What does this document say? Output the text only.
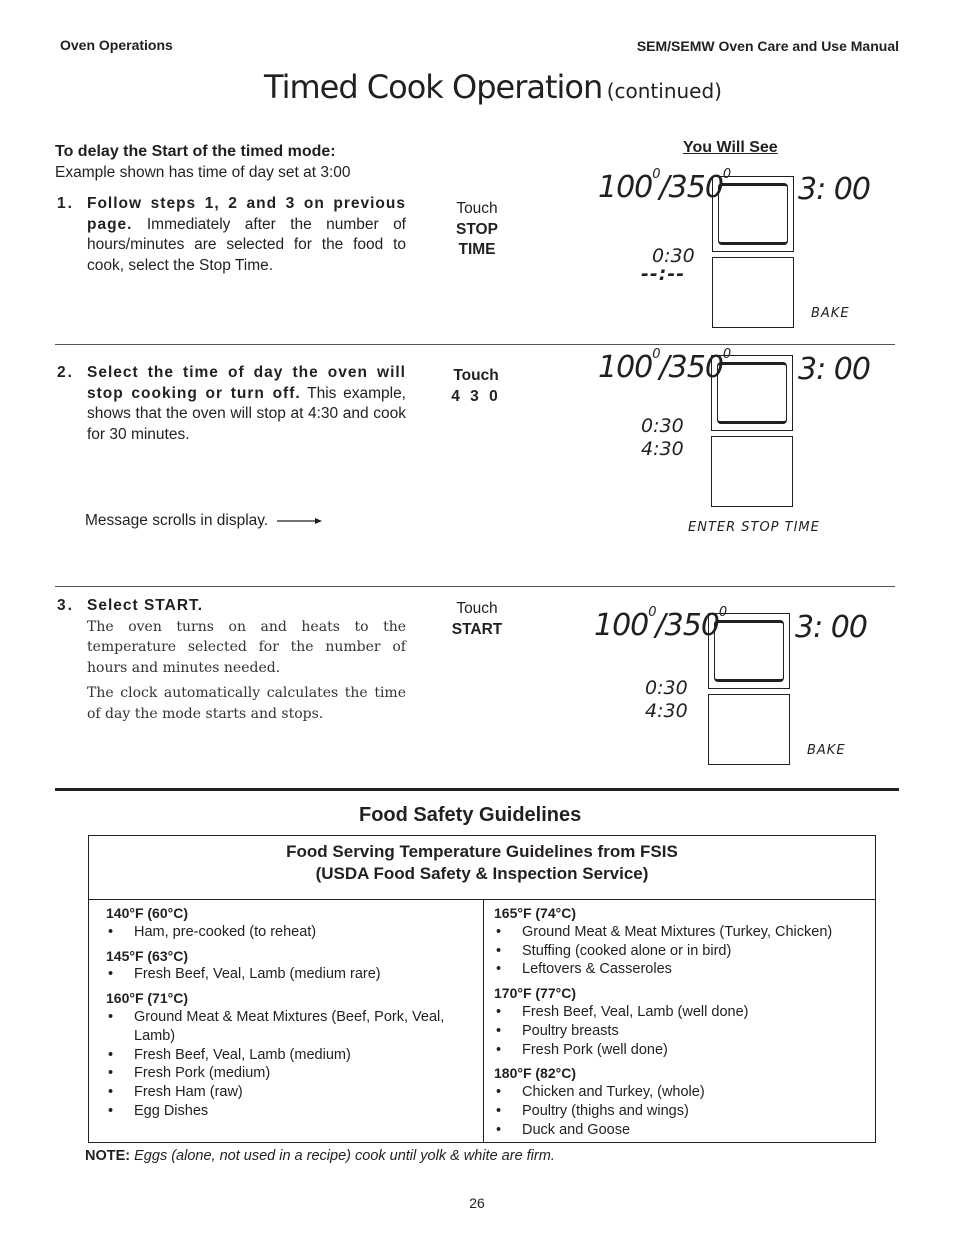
Oven Operations	SEM/SEMW Oven Care and Use Manual
Timed Cook Operation (continued)
To delay the Start of the timed mode:
Example shown has time of day set at 3:00
You Will See
1. Follow steps 1, 2 and 3 on previous page. Immediately after the number of hours/minutes are selected for the food to cook, select the Stop Time.
Touch
STOP
TIME
$100^0/350^0$ 3: 00
0:30
--:--
BAKE
2. Select the time of day the oven will stop cooking or turn off. This example, shows that the oven will stop at 4:30 and cook for 30 minutes.
Message scrolls in display.
Touch
4 3 0
$100^0/350^0$ 3: 00
0:30
4:30
ENTER STOP TIME
3. Select START.
The oven turns on and heats to the temperature selected for the number of hours and minutes needed.
The clock automatically calculates the time of day the mode starts and stops.
Touch
START	$100^0/350^0$ 3: 00
0:30
4:30
BAKE
Food Safety Guidelines
Food Serving Temperature Guidelines from FSIS
(USDA Food Safety & Inspection Service)
140°F (60°C)
• Ham, pre-cooked (to reheat)
145°F (63°C)
• Fresh Beef, Veal, Lamb (medium rare)
160°F (71°C)
• Ground Meat & Meat Mixtures (Beef, Pork, Veal, Lamb)
• Fresh Beef, Veal, Lamb (medium)
• Fresh Pork (medium)
• Fresh Ham (raw)
• Egg Dishes
165°F (74°C)
• Ground Meat & Meat Mixtures (Turkey, Chicken)
• Stuffing (cooked alone or in bird)
• Leftovers & Casseroles
170°F (77°C)
• Fresh Beef, Veal, Lamb (well done)
• Poultry breasts
• Fresh Pork (well done)
180°F (82°C)
• Chicken and Turkey, (whole)
• Poultry (thighs and wings)
• Duck and Goose
NOTE: Eggs (alone, not used in a recipe) cook until yolk & white are firm.
26
